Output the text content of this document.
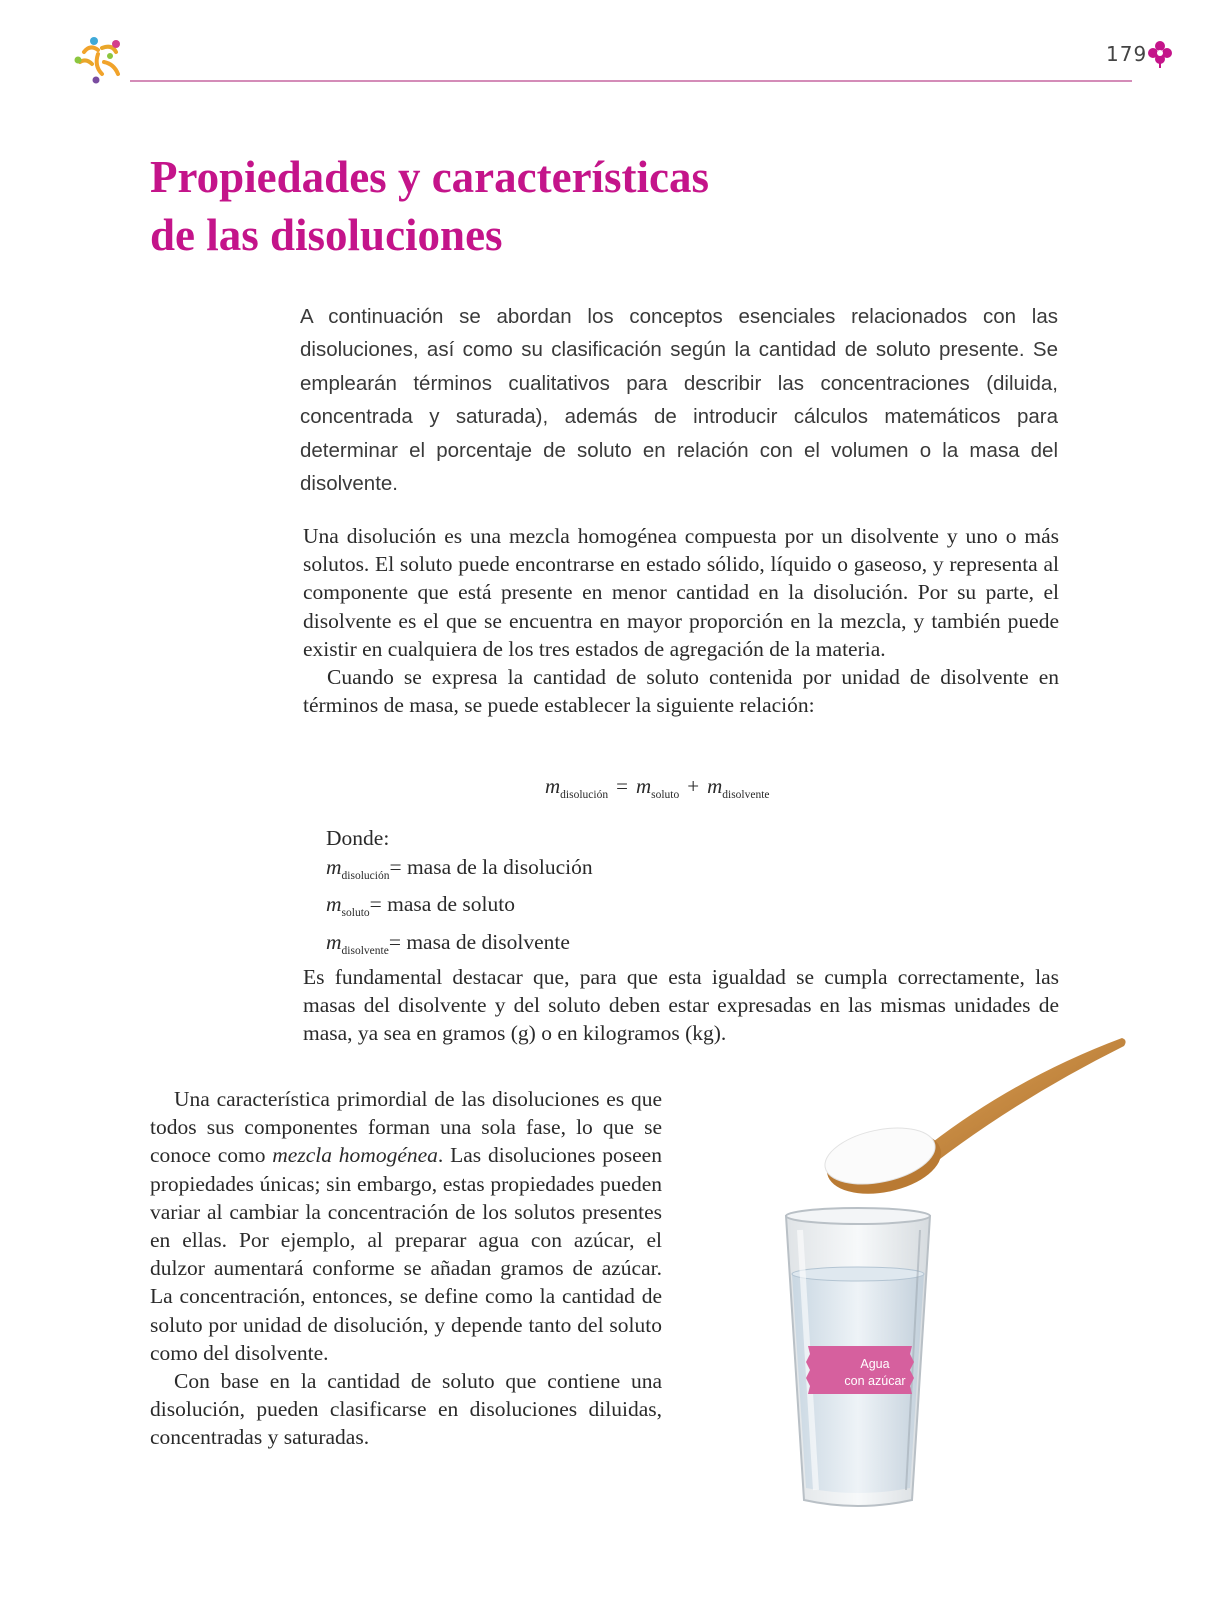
179
Propiedades y características
de las disoluciones

A continuación se abordan los conceptos esenciales relacionados con las disoluciones, así como su clasificación según la cantidad de soluto presente. Se emplearán términos cualitativos para describir las concentraciones (diluida, concentrada y saturada), además de introducir cálculos matemáticos para determinar el porcentaje de soluto en relación con el volumen o la masa del disolvente.

Una disolución es una mezcla homogénea compuesta por un disolvente y uno o más solutos. El soluto puede encontrarse en estado sólido, líquido o gaseoso, y representa al componente que está presente en menor cantidad en la disolución. Por su parte, el disolvente es el que se encuentra en mayor proporción en la mezcla, y también puede existir en cualquiera de los tres estados de agregación de la materia.

Cuando se expresa la cantidad de soluto contenida por unidad de disolvente en términos de masa, se puede establecer la siguiente relación:

$m_{disolución} = m_{soluto} + m_{disolvente}$
Donde:
$m_{disolución}=$ masa de la disolución
$m_{soluto}=$ masa de soluto
$m_{disolvente}=$ masa de disolvente

Es fundamental destacar que, para que esta igualdad se cumpla correctamente, las masas del disolvente y del soluto deben estar expresadas en las mismas unidades de masa, ya sea en gramos (g) o en kilogramos (kg).

Una característica primordial de las disoluciones es que todos sus componentes forman una sola fase, lo que se conoce como mezcla homogénea. Las disoluciones poseen propiedades únicas; sin embargo, estas propiedades pueden variar al cambiar la concentración de los solutos presentes en ellas. Por ejemplo, al preparar agua con azúcar, el dulzor aumentará conforme se añadan gramos de azúcar. La concentración, entonces, se define como la cantidad de soluto por unidad de disolución, y depende tanto del soluto como del disolvente.

Con base en la cantidad de soluto que contiene una disolución, pueden clasificarse en disoluciones diluidas, concentradas y saturadas.

Agua
con azúcar
